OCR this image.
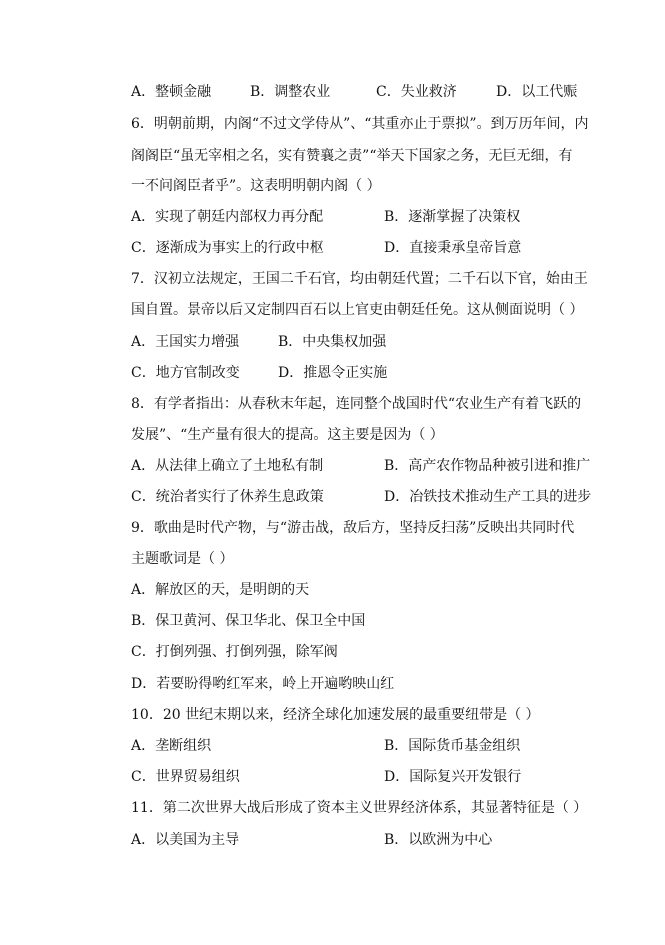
A．整顿金融	B．调整农业	C．失业救济	D．以工代赈
6．明朝前期，内阁“不过文学侍从”、“其重亦止于票拟”。到万历年间，内
阁阁臣“虽无宰相之名，实有赞襄之责”“举天下国家之务，无巨无细，有
一不问阁臣者乎”。这表明明朝内阁（ ）
A．实现了朝廷内部权力再分配	B．逐渐掌握了决策权
C．逐渐成为事实上的行政中枢	D．直接秉承皇帝旨意
7．汉初立法规定，王国二千石官，均由朝廷代置；二千石以下官，始由王
国自置。景帝以后又定制四百石以上官吏由朝廷任免。这从侧面说明（ ）
A．王国实力增强	B．中央集权加强
C．地方官制改变	D．推恩令正实施
8．有学者指出：从春秋末年起，连同整个战国时代“农业生产有着飞跃的
发展”、“生产量有很大的提高。这主要是因为（ ）
A．从法律上确立了土地私有制	B．高产农作物品种被引进和推广
C．统治者实行了休养生息政策	D．冶铁技术推动生产工具的进步
9．歌曲是时代产物，与“游击战，敌后方，坚持反扫荡”反映出共同时代
主题歌词是（ ）
A．解放区的天，是明朗的天
B．保卫黄河、保卫华北、保卫全中国
C．打倒列强、打倒列强，除军阀
D．若要盼得哟红军来，岭上开遍哟映山红
10．20 世纪末期以来，经济全球化加速发展的最重要纽带是（ ）
A．垄断组织	B．国际货币基金组织
C．世界贸易组织	D．国际复兴开发银行
11．第二次世界大战后形成了资本主义世界经济体系，其显著特征是（ ）
A．以美国为主导	B．以欧洲为中心
